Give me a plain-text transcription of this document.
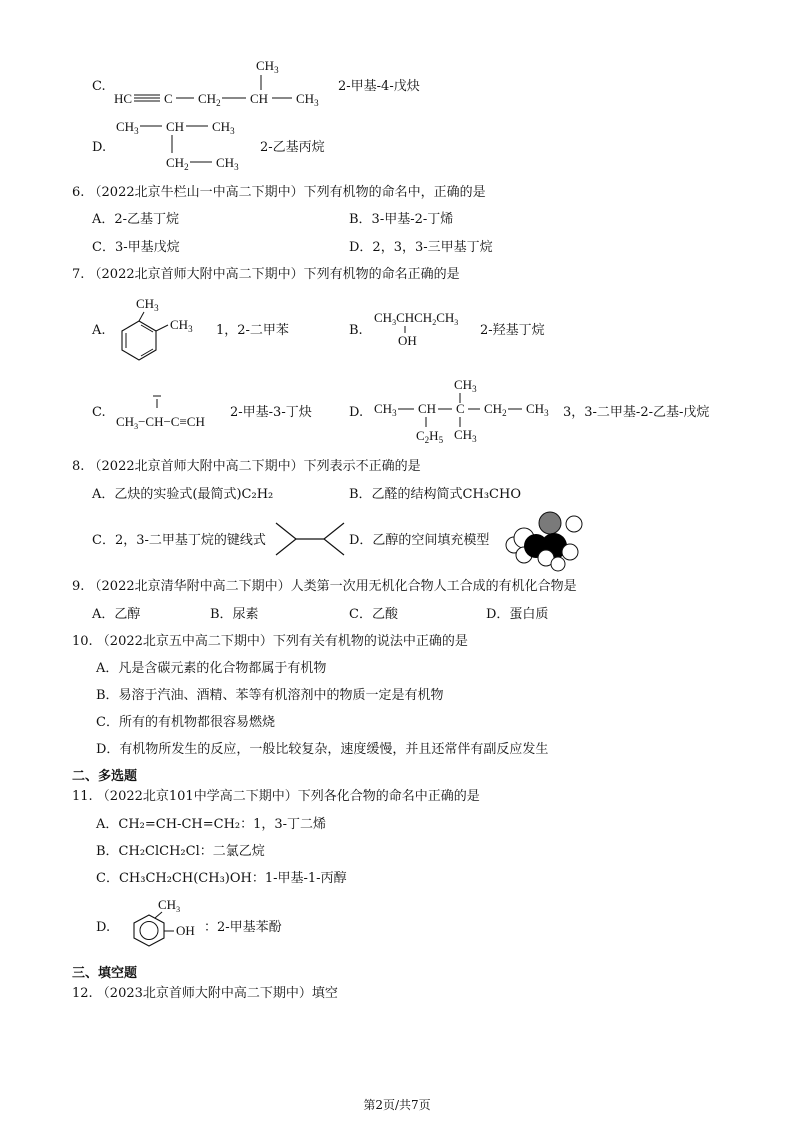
C.
$CH_3$
HC C $CH_2$ CH $CH_3$
2-甲基-4-戊炔
D.
$CH_3$ CH $CH_3$
$CH_2$ $CH_3$
2-乙基丙烷
6. （2022北京牛栏山一中高二下期中）下列有机物的命名中，正确的是
A．2-乙基丁烷	B．3-甲基-2-丁烯
C．3-甲基戊烷	D．2，3，3-三甲基丁烷
7. （2022北京首师大附中高二下期中）下列有机物的命名正确的是
A.
$CH_3$
$CH_3$ 1，2-二甲苯	B.
$CH_3CHCH_2CH_3$
OH
2-羟基丁烷
C.
$CH_3-CH-C\equiv CH$
2-甲基-3-丁炔	D.
$CH_3$
$CH_3$ CH C $CH_2$ $CH_3$
$C_2H_5$ $CH_3$
3，3-二甲基-2-乙基-戊烷
8. （2022北京首师大附中高二下期中）下列表示不正确的是
A．乙炔的实验式(最简式)C₂H₂	B．乙醛的结构简式CH₃CHO
C．2，3-二甲基丁烷的键线式	D．乙醇的空间填充模型
9. （2022北京清华附中高二下期中）人类第一次用无机化合物人工合成的有机化合物是
A．乙醇	B．尿素	C．乙酸	D．蛋白质
10. （2022北京五中高二下期中）下列有关有机物的说法中正确的是
A．凡是含碳元素的化合物都属于有机物
B．易溶于汽油、酒精、苯等有机溶剂中的物质一定是有机物
C．所有的有机物都很容易燃烧
D．有机物所发生的反应，一般比较复杂，速度缓慢，并且还常伴有副反应发生
二、多选题
11. （2022北京101中学高二下期中）下列各化合物的命名中正确的是
A．CH₂=CH-CH=CH₂：1，3-丁二烯
B．CH₂ClCH₂Cl：二氯乙烷
C．CH₃CH₂CH(CH₃)OH：1-甲基-1-丙醇
D.
$CH_3$
OH ：2-甲基苯酚
三、填空题
12. （2023北京首师大附中高二下期中）填空
第2页/共7页
